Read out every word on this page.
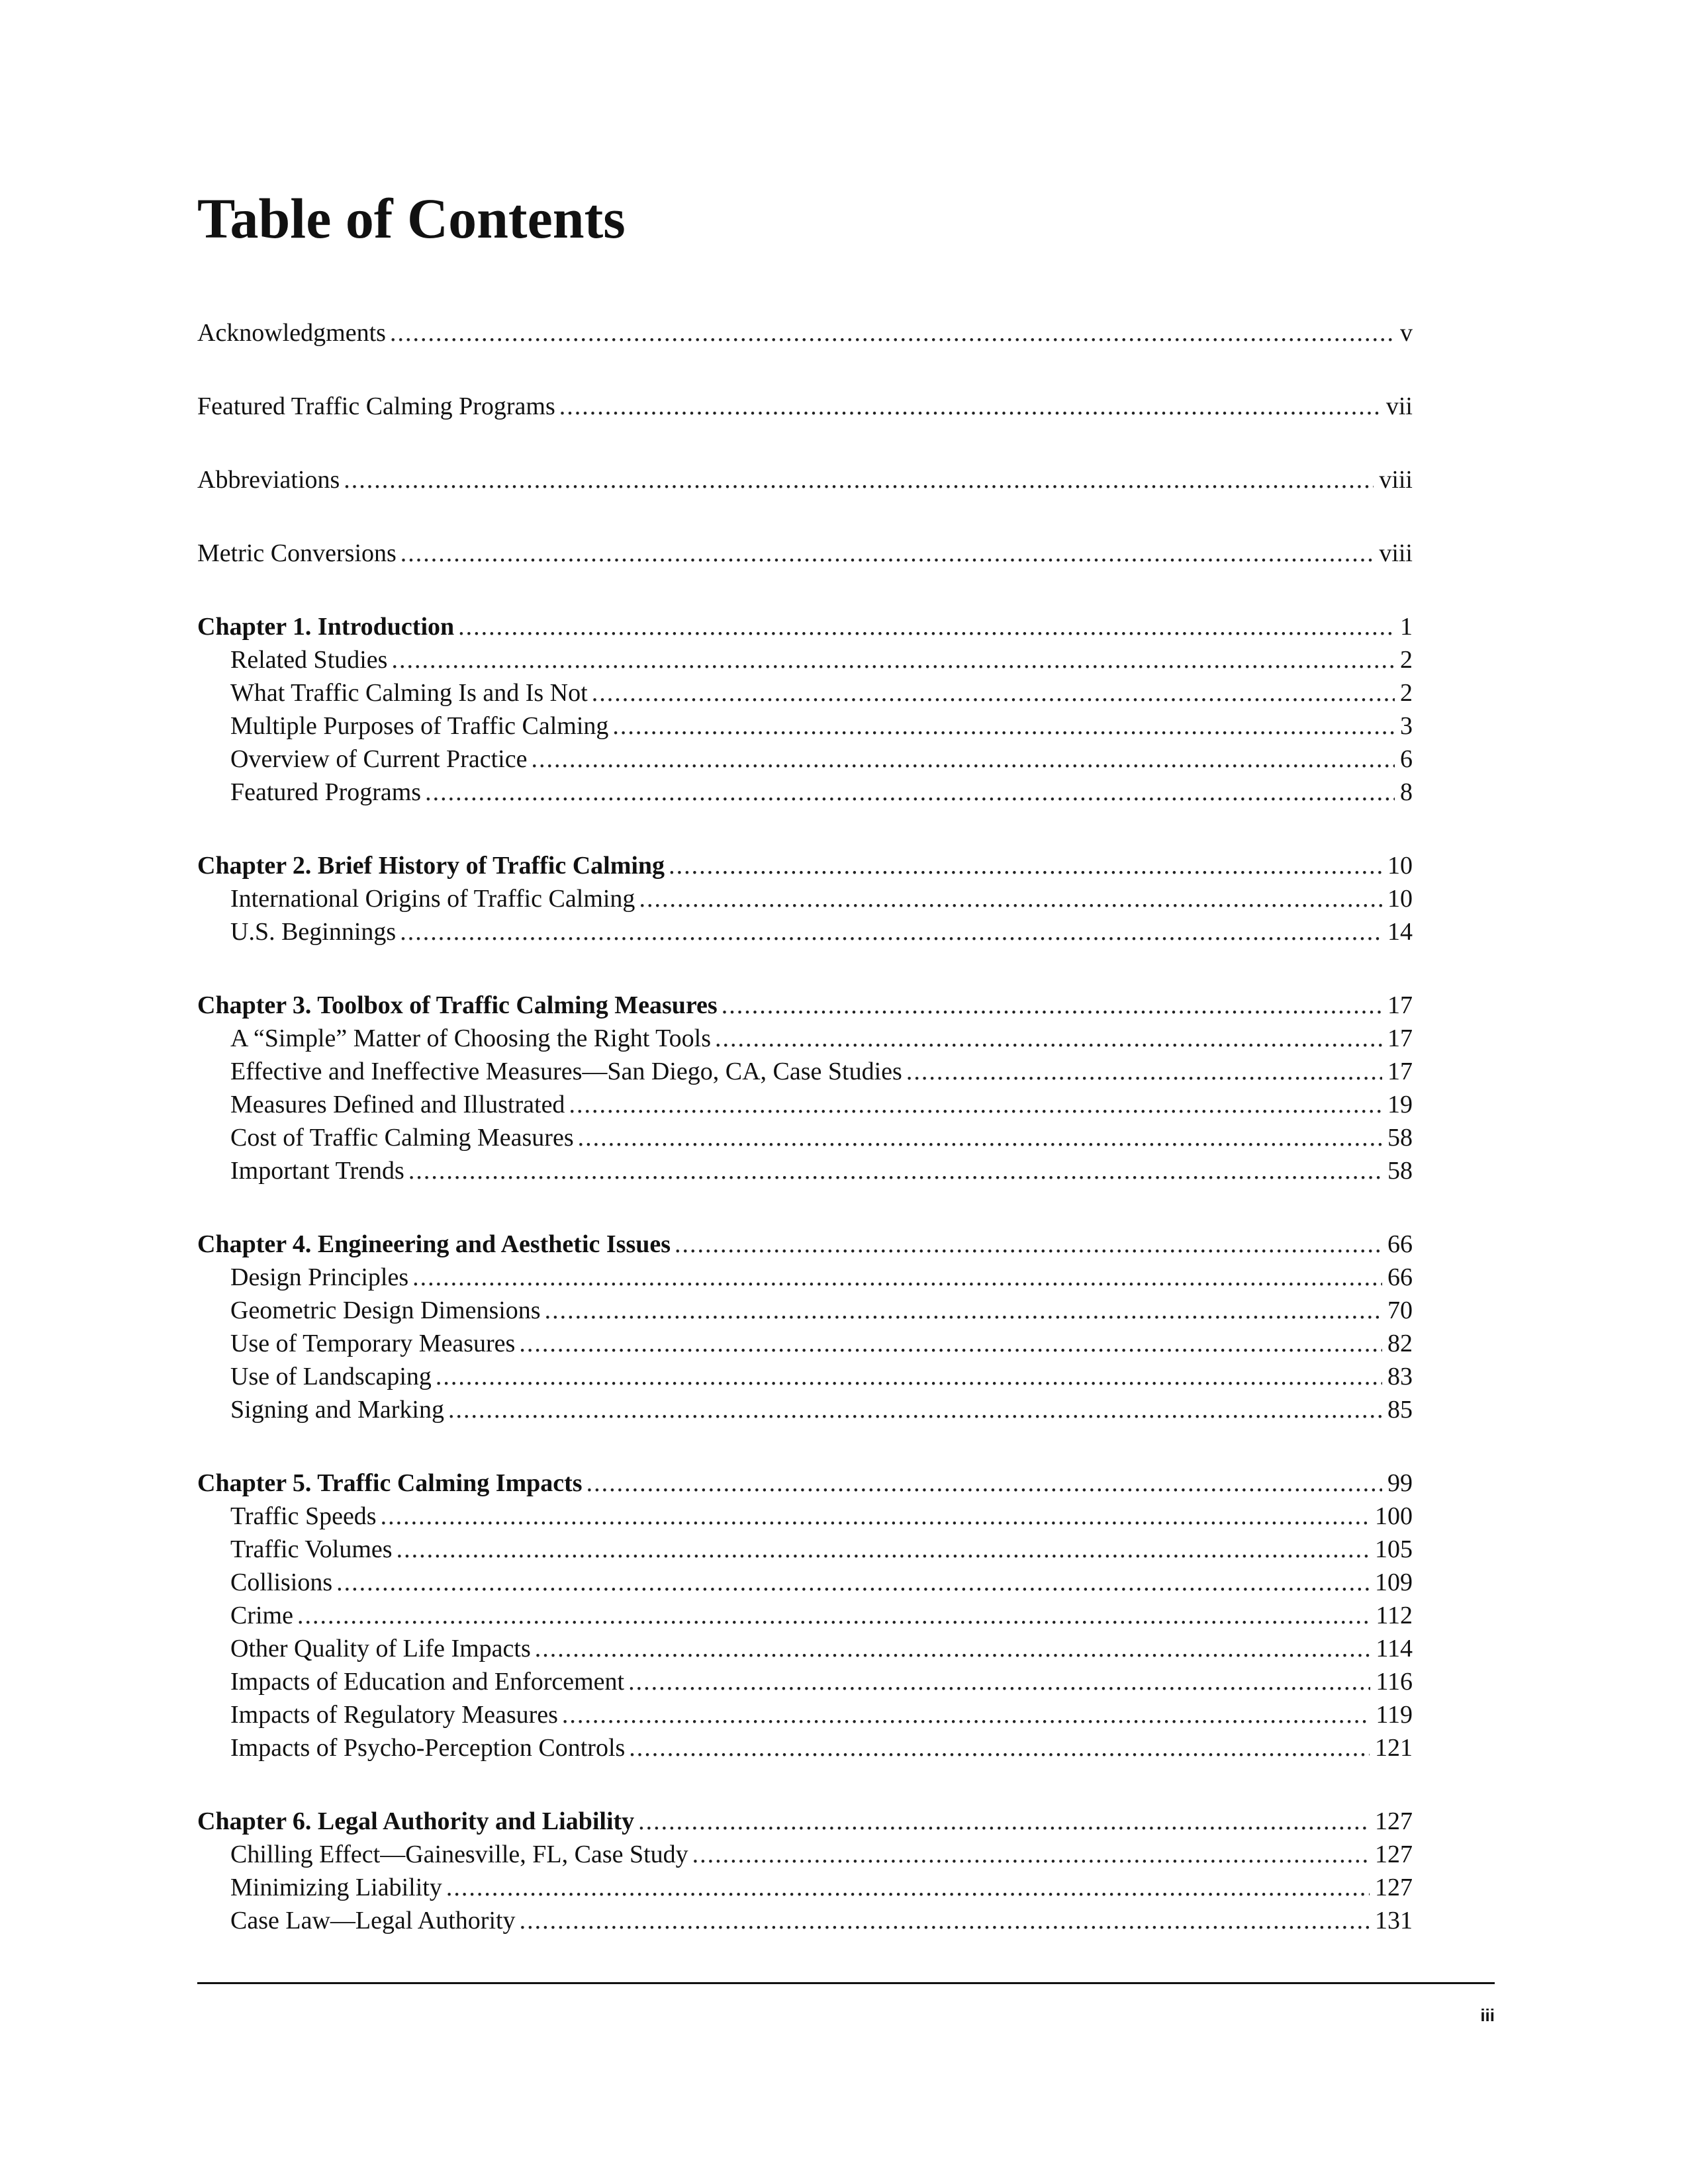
Table of Contents
Acknowledgments .....	v
Featured Traffic Calming Programs .....	vii
Abbreviations .....	viii
Metric Conversions .....	viii
Chapter 1. Introduction .....	1
Related Studies .....	2
What Traffic Calming Is and Is Not .....	2
Multiple Purposes of Traffic Calming .....	3
Overview of Current Practice .....	6
Featured Programs .....	8
Chapter 2. Brief History of Traffic Calming .....	10
International Origins of Traffic Calming .....	10
U.S. Beginnings .....	14
Chapter 3. Toolbox of Traffic Calming Measures .....	17
A “Simple” Matter of Choosing the Right Tools .....	17
Effective and Ineffective Measures—San Diego, CA, Case Studies .....	17
Measures Defined and Illustrated .....	19
Cost of Traffic Calming Measures .....	58
Important Trends .....	58
Chapter 4. Engineering and Aesthetic Issues .....	66
Design Principles .....	66
Geometric Design Dimensions .....	70
Use of Temporary Measures .....	82
Use of Landscaping .....	83
Signing and Marking .....	85
Chapter 5. Traffic Calming Impacts .....	99
Traffic Speeds .....	100
Traffic Volumes .....	105
Collisions .....	109
Crime .....	112
Other Quality of Life Impacts .....	114
Impacts of Education and Enforcement .....	116
Impacts of Regulatory Measures .....	119
Impacts of Psycho-Perception Controls .....	121
Chapter 6. Legal Authority and Liability .....	127
Chilling Effect—Gainesville, FL, Case Study .....	127
Minimizing Liability .....	127
Case Law—Legal Authority .....	131
iii
